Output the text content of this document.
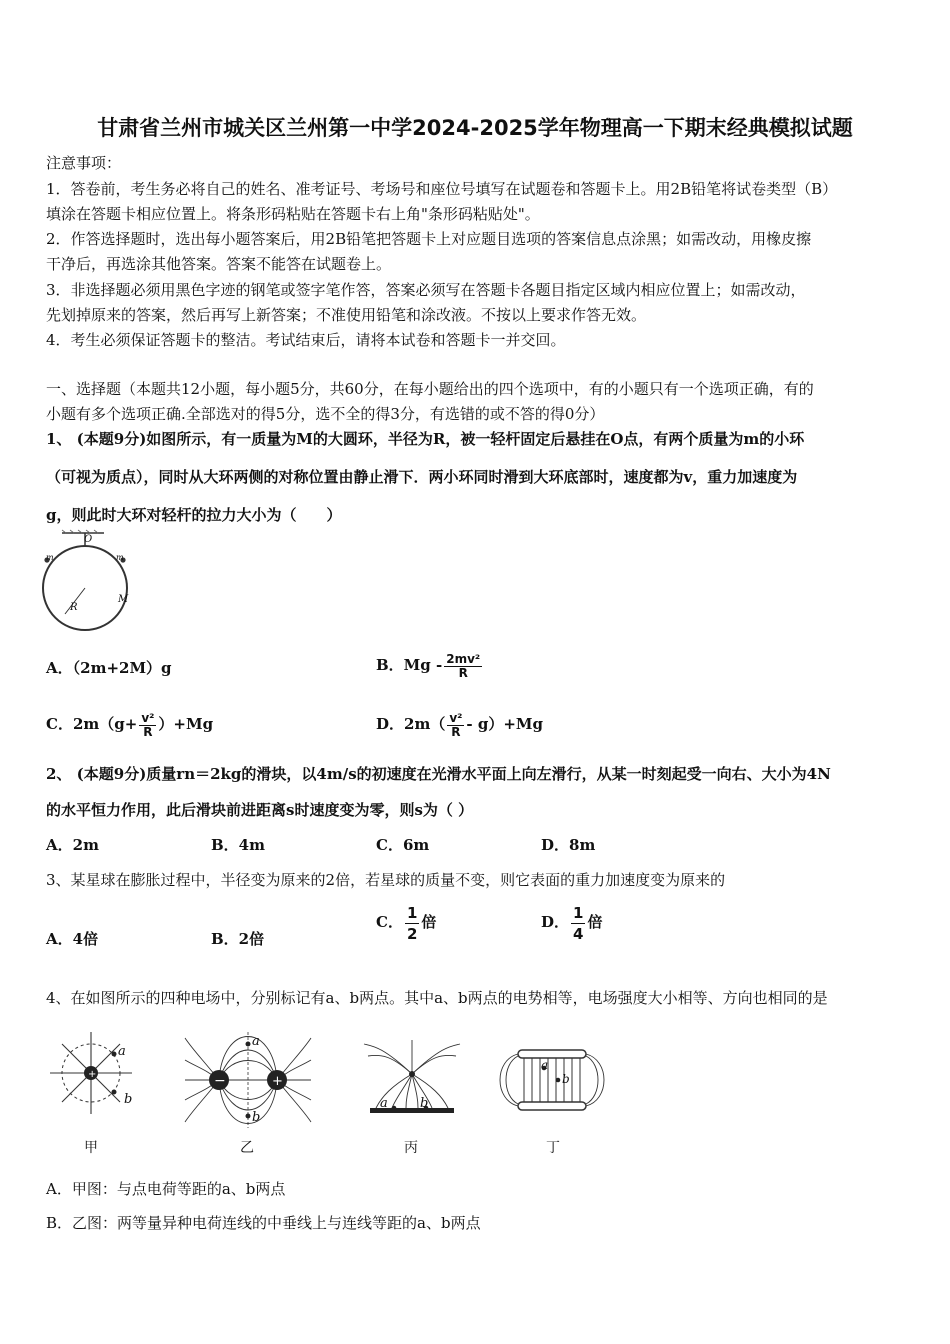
甘肃省兰州市城关区兰州第一中学2024-2025学年物理高一下期末经典模拟试题
注意事项：
1．答卷前，考生务必将自己的姓名、准考证号、考场号和座位号填写在试题卷和答题卡上。用2B铅笔将试卷类型（B）
填涂在答题卡相应位置上。将条形码粘贴在答题卡右上角"条形码粘贴处"。
2．作答选择题时，选出每小题答案后，用2B铅笔把答题卡上对应题目选项的答案信息点涂黑；如需改动，用橡皮擦
干净后，再选涂其他答案。答案不能答在试题卷上。
3．非选择题必须用黑色字迹的钢笔或签字笔作答，答案必须写在答题卡各题目指定区域内相应位置上；如需改动，
先划掉原来的答案，然后再写上新答案；不准使用铅笔和涂改液。不按以上要求作答无效。
4．考生必须保证答题卡的整洁。考试结束后，请将本试卷和答题卡一并交回。
一、选择题（本题共12小题，每小题5分，共60分，在每小题给出的四个选项中，有的小题只有一个选项正确，有的
小题有多个选项正确.全部选对的得5分，选不全的得3分，有选错的或不答的得0分）
1、 (本题9分)如图所示，有一质量为M的大圆环，半径为R，被一轻杆固定后悬挂在O点，有两个质量为m的小环
（可视为质点），同时从大环两侧的对称位置由静止滑下．两小环同时滑到大环底部时，速度都为v，重力加速度为
g，则此时大环对轻杆的拉力大小为（　　）
O
m	m
R
M
A．（2m+2M）g	B．Mg - $\frac{\text{2mv²}}{R}$
C．$2m(g+ \frac{\text{v²}}{R} )+Mg$	D．$2m( \frac{\text{v²}}{R} - g)+Mg$
2、 (本题9分)质量rn＝2kg的滑块，以4m/s的初速度在光滑水平面上向左滑行，从某一时刻起受一向右、大小为4N
的水平恒力作用，此后滑块前进距离s时速度变为零，则s为（ ）
A．2m	B．4m	C．6m	D．8m
3、某星球在膨胀过程中，半径变为原来的2倍，若星球的质量不变，则它表面的重力加速度变为原来的
A．4倍	B．2倍
C． $\frac{1}{2}$ 倍	D． $\frac{1}{4}$ 倍
4、在如图所示的四种电场中，分别标记有a、b两点。其中a、b两点的电势相等，电场强度大小相等、方向也相同的是
+
a
b
甲
−	+
a
b
乙
a b
丙
a
b
丁
A．甲图：与点电荷等距的a、b两点
B．乙图：两等量异种电荷连线的中垂线上与连线等距的a、b两点
